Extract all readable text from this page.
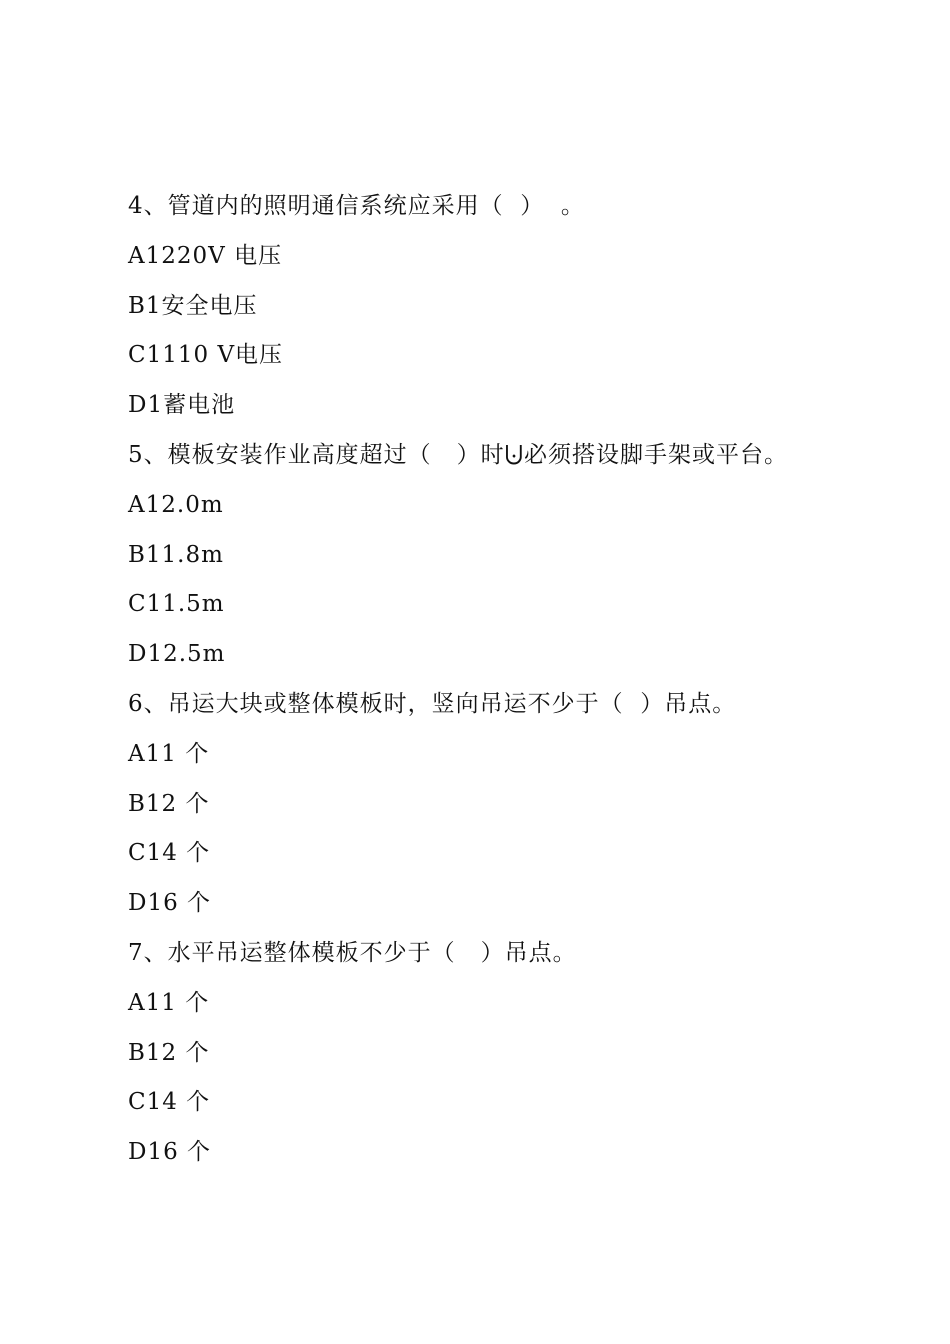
4、管道内的照明通信系统应采用（  ）  。
A1220V 电压
B1安全电压
C1110 V电压
D1蓄电池
5、模板安装作业高度超过（   ）时⨃必须搭设脚手架或平台。
A12.0m
B11.8m
C11.5m
D12.5m
6、吊运大块或整体模板时，竖向吊运不少于（  ）吊点。
A11 个
B12 个
C14 个
D16 个
7、水平吊运整体模板不少于（   ）吊点。
A11 个
B12 个
C14 个
D16 个
